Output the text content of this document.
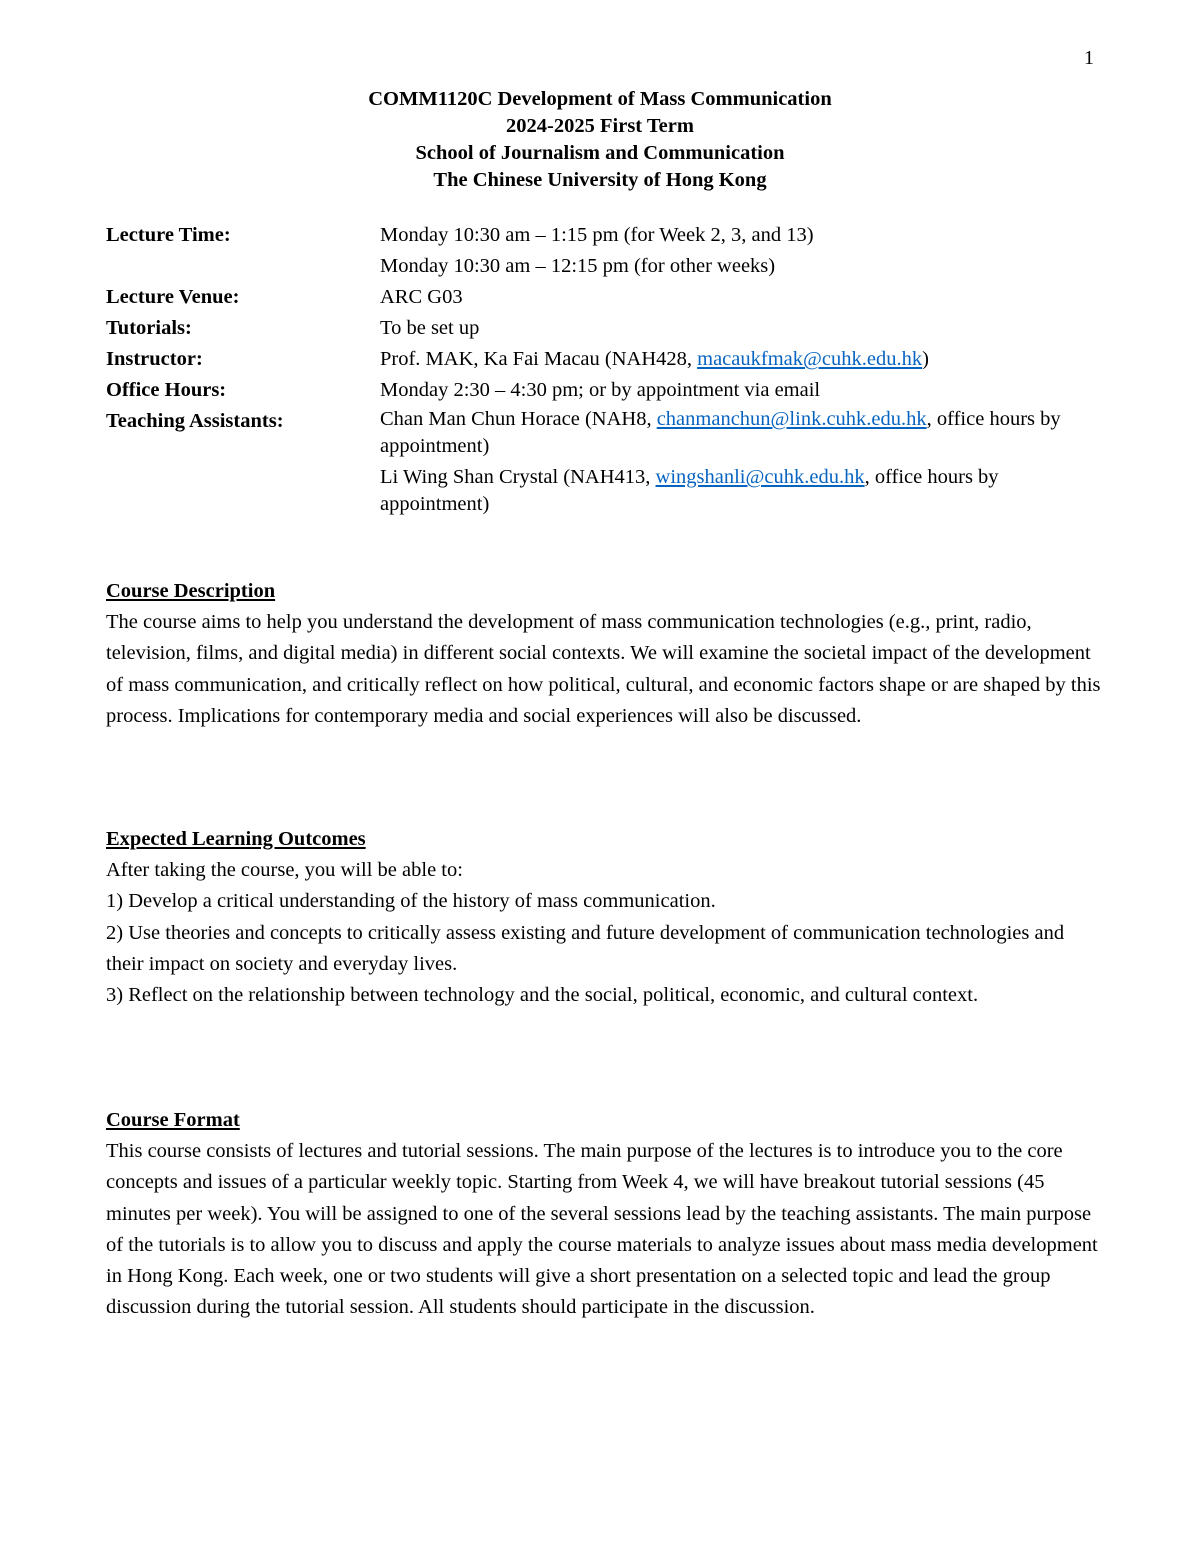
1
COMM1120C Development of Mass Communication
2024-2025 First Term
School of Journalism and Communication
The Chinese University of Hong Kong
Lecture Time:	Monday 10:30 am – 1:15 pm (for Week 2, 3, and 13)
Monday 10:30 am – 12:15 pm (for other weeks)
Lecture Venue:	ARC G03
Tutorials:	To be set up
Instructor:	Prof. MAK, Ka Fai Macau (NAH428, macaukfmak@cuhk.edu.hk)
Office Hours:	Monday 2:30 – 4:30 pm; or by appointment via email
Teaching Assistants:	Chan Man Chun Horace (NAH8, chanmanchun@link.cuhk.edu.hk, office hours by appointment)
Li Wing Shan Crystal (NAH413, wingshanli@cuhk.edu.hk, office hours by appointment)
Course Description

The course aims to help you understand the development of mass communication technologies (e.g., print, radio, television, films, and digital media) in different social contexts. We will examine the societal impact of the development of mass communication, and critically reflect on how political, cultural, and economic factors shape or are shaped by this process. Implications for contemporary media and social experiences will also be discussed.

Expected Learning Outcomes

After taking the course, you will be able to:

1) Develop a critical understanding of the history of mass communication.

2) Use theories and concepts to critically assess existing and future development of communication technologies and their impact on society and everyday lives.

3) Reflect on the relationship between technology and the social, political, economic, and cultural context.

Course Format

This course consists of lectures and tutorial sessions. The main purpose of the lectures is to introduce you to the core concepts and issues of a particular weekly topic. Starting from Week 4, we will have breakout tutorial sessions (45 minutes per week). You will be assigned to one of the several sessions lead by the teaching assistants. The main purpose of the tutorials is to allow you to discuss and apply the course materials to analyze issues about mass media development in Hong Kong. Each week, one or two students will give a short presentation on a selected topic and lead the group discussion during the tutorial session. All students should participate in the discussion.
